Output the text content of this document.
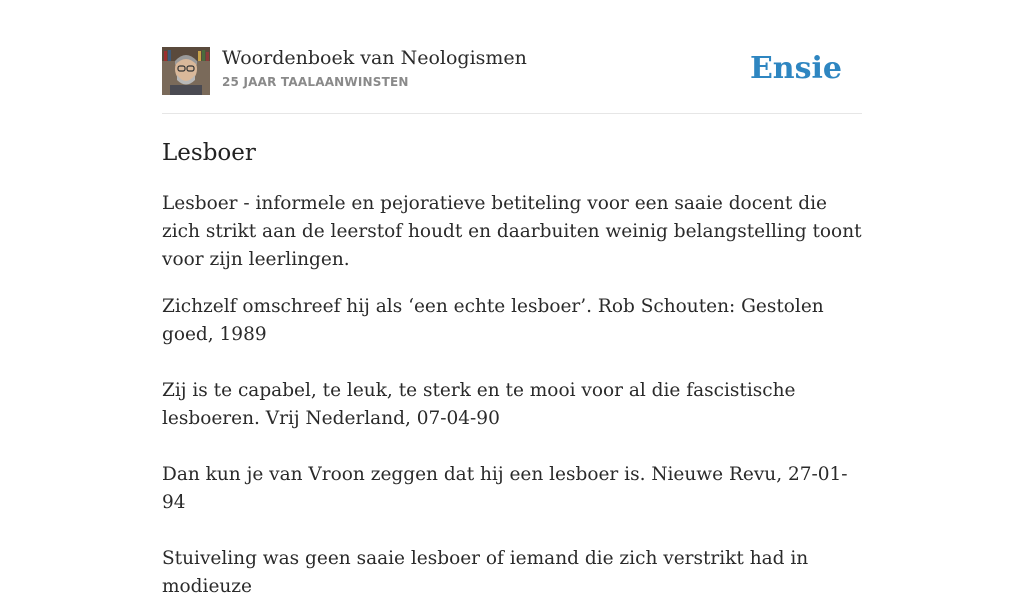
Woordenboek van Neologismen
25 JAAR TAALAANWINSTEN	Ensie
Lesboer

Lesboer - informele en pejoratieve betiteling voor een saaie docent die zich strikt aan de leerstof houdt en daarbuiten weinig belangstelling toont voor zijn leerlingen.

Zichzelf omschreef hij als ‘een echte lesboer’. Rob Schouten: Gestolen goed, 1989

Zij is te capabel, te leuk, te sterk en te mooi voor al die fascistische lesboeren. Vrij Nederland, 07-04-90

Dan kun je van Vroon zeggen dat hij een lesboer is. Nieuwe Revu, 27-01-94

Stuiveling was geen saaie lesboer of iemand die zich verstrikt had in modieuze
